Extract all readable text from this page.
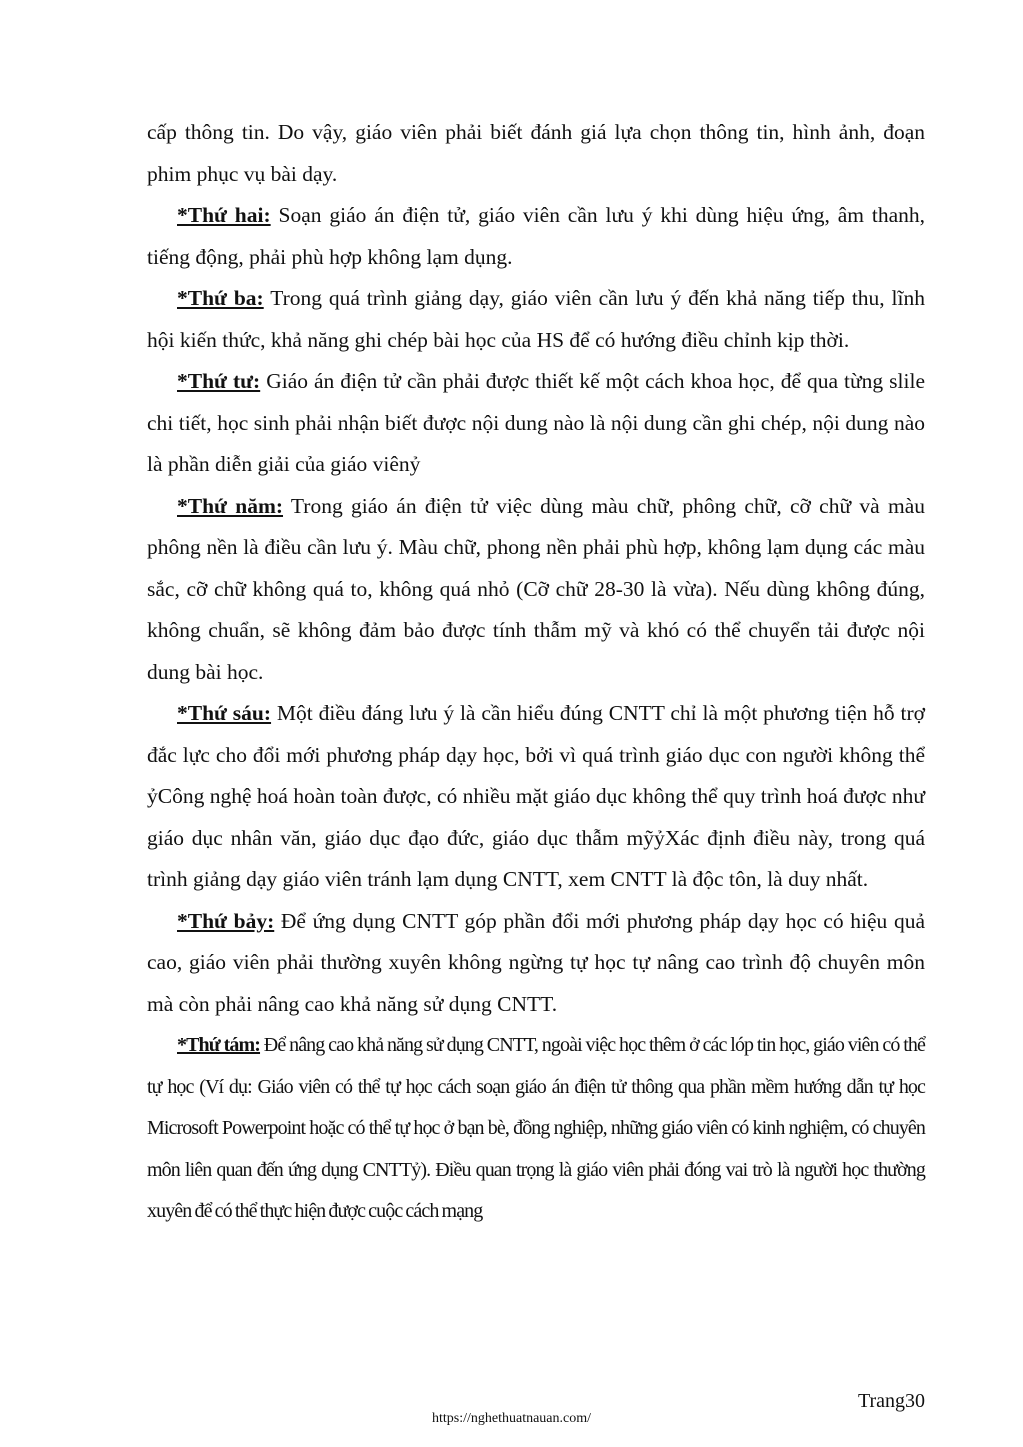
cấp thông tin. Do vậy, giáo viên phải biết đánh giá lựa chọn thông tin, hình ảnh, đoạn phim phục vụ bài dạy.

*Thứ hai: Soạn giáo án điện tử, giáo viên cần lưu ý khi dùng hiệu ứng, âm thanh, tiếng động, phải phù hợp không lạm dụng.

*Thứ ba: Trong quá trình giảng dạy, giáo viên cần lưu ý đến khả năng tiếp thu, lĩnh hội kiến thức, khả năng ghi chép bài học của HS để có hướng điều chỉnh kịp thời.

*Thứ tư: Giáo án điện tử cần phải được thiết kế một cách khoa học, để qua từng slile chi tiết, học sinh phải nhận biết được nội dung nào là nội dung cần ghi chép, nội dung nào là phần diễn giải của giáo viênỷ

*Thứ năm: Trong giáo án điện tử việc dùng màu chữ, phông chữ, cỡ chữ và màu phông nền là điều cần lưu ý. Màu chữ, phong nền phải phù hợp, không lạm dụng các màu sắc, cỡ chữ không quá to, không quá nhỏ (Cỡ chữ 28-30 là vừa). Nếu dùng không đúng, không chuẩn, sẽ không đảm bảo được tính thẫm mỹ và khó có thể chuyển tải được nội dung bài học.

*Thứ sáu: Một điều đáng lưu ý là cần hiểu đúng CNTT chỉ là một phương tiện hỗ trợ đắc lực cho đổi mới phương pháp dạy học, bởi vì quá trình giáo dục con người không thể ỷCông nghệ hoá hoàn toàn được, có nhiều mặt giáo dục không thể quy trình hoá được như giáo dục nhân văn, giáo dục đạo đức, giáo dục thẫm mỹỷXác định điều này, trong quá trình giảng dạy giáo viên tránh lạm dụng CNTT, xem CNTT là độc tôn, là duy nhất.

*Thứ bảy: Để ứng dụng CNTT góp phần đổi mới phương pháp dạy học có hiệu quả cao, giáo viên phải thường xuyên không ngừng tự học tự nâng cao trình độ chuyên môn mà còn phải nâng cao khả năng sử dụng CNTT.

*Thứ tám: Để nâng cao khả năng sử dụng CNTT, ngoài việc học thêm ở các lóp tin học, giáo viên có thể tự học (Ví dụ: Giáo viên có thể tự học cách soạn giáo án điện tử thông qua phần mềm hướng dẫn tự học Microsoft Powerpoint hoặc có thể tự học ở bạn bè, đồng nghiệp, những giáo viên có kinh nghiệm, có chuyên môn liên quan đến ứng dụng CNTTỷ). Điều quan trọng là giáo viên phải đóng vai trò là người học thường xuyên để có thể thực hiện được cuộc cách mạng

Trang30
https://nghethuatnauan.com/
